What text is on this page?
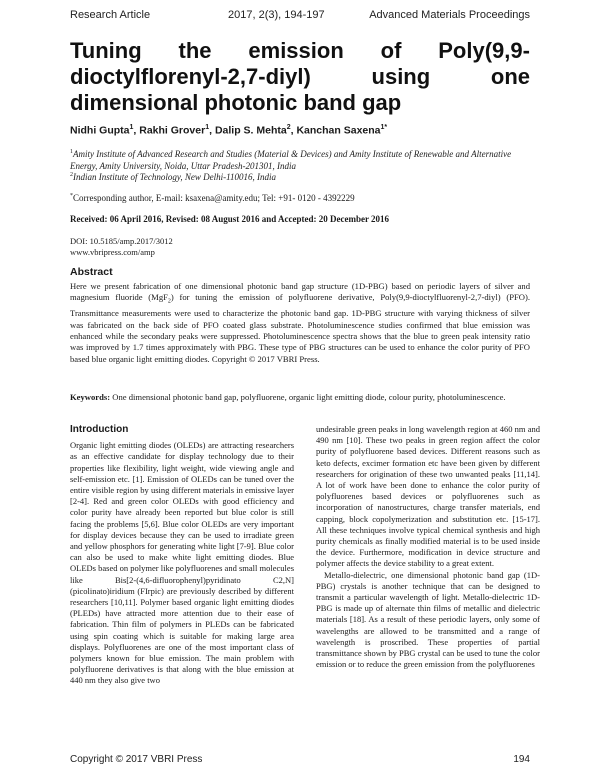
Research Article	2017, 2(3), 194-197	Advanced Materials Proceedings
Tuning the emission of Poly(9,9-
dioctylflorenyl-2,7-diyl)	using	one
dimensional photonic band gap
Nidhi Gupta$^1$, Rakhi Grover$^1$, Dalip S. Mehta$^2$, Kanchan Saxena$^{1*}$
$^1$Amity Institute of Advanced Research and Studies (Material & Devices) and Amity Institute of Renewable and Alternative Energy, Amity University, Noida, Uttar Pradesh-201301, India
$^2$Indian Institute of Technology, New Delhi-110016, India
*Corresponding author, E-mail: ksaxena@amity.edu; Tel: +91- 0120 - 4392229
Received: 06 April 2016, Revised: 08 August 2016 and Accepted: 20 December 2016
DOI: 10.5185/amp.2017/3012
www.vbripress.com/amp
Abstract
Here we present fabrication of one dimensional photonic band gap structure (1D-PBG) based on periodic layers of silver and magnesium fluoride (MgF$_2$) for tuning the emission of polyfluorene derivative, Poly(9,9-dioctylfluorenyl-2,7-diyl) (PFO). Transmittance measurements were used to characterize the photonic band gap. 1D-PBG structure with varying thickness of silver was fabricated on the back side of PFO coated glass substrate. Photoluminescence studies confirmed that blue emission was enhanced while the secondary peaks were suppressed. Photoluminescence spectra shows that the blue to green peak intensity ratio was improved by 1.7 times approximately with PBG. These type of PBG structures can be used to enhance the color purity of PFO based blue organic light emitting diodes. Copyright © 2017 VBRI Press.
Keywords: One dimensional photonic band gap, polyfluorene, organic light emitting diode, colour purity, photoluminescence.
Introduction

Organic light emitting diodes (OLEDs) are attracting researchers as an effective candidate for display technology due to their properties like flexibility, light weight, wide viewing angle and self-emission etc. [1]. Emission of OLEDs can be tuned over the entire visible region by using different materials in emissive layer [2-4]. Red and green color OLEDs with good efficiency and color purity have already been reported but blue color is still facing the problems [5,6]. Blue color OLEDs are very important for display devices because they can be used to irradiate green and yellow phosphors for generating white light [7-9]. Blue color can also be used to make white light emitting diodes. Blue OLEDs based on polymer like polyfluorenes and small molecules like Bis[2-(4,6-difluorophenyl)pyridinato C2,N] (picolinato)iridium (FIrpic) are previously described by different researchers [10,11]. Polymer based organic light emitting diodes (PLEDs) have attracted more attention due to their ease of fabrication. Thin film of polymers in PLEDs can be fabricated using spin coating which is suitable for making large area displays. Polyfluorenes are one of the most important class of polymers known for blue emission. The main problem with polyfluorene derivatives is that along with the blue emission at 440 nm they also give two

undesirable green peaks in long wavelength region at 460 nm and 490 nm [10]. These two peaks in green region affect the color purity of polyfluorene based devices. Different reasons such as keto defects, excimer formation etc have been given by different researchers for origination of these two unwanted peaks [11,14]. A lot of work have been done to enhance the color purity of polyfluorenes based devices or polyfluorenes such as incorporation of nanostructures, charge transfer materials, end capping, block copolymerization and substitution etc. [15-17]. All these techniques involve typical chemical synthesis and high purity chemicals as finally modified material is to be used inside the device. Furthermore, modification in device structure and polymer affects the device stability to a great extent.

Metallo-dielectric, one dimensional photonic band gap (1D-PBG) crystals is another technique that can be designed to transmit a particular wavelength of light. Metallo-dielectric 1D-PBG is made up of alternate thin films of metallic and dielectric materials [18]. As a result of these periodic layers, only some of wavelengths are allowed to be transmitted and a range of wavelength is proscribed. These properties of partial transmittance shown by PBG crystal can be used to tune the color emission or to reduce the green emission from the polyfluorenes

Copyright © 2017 VBRI Press	194
